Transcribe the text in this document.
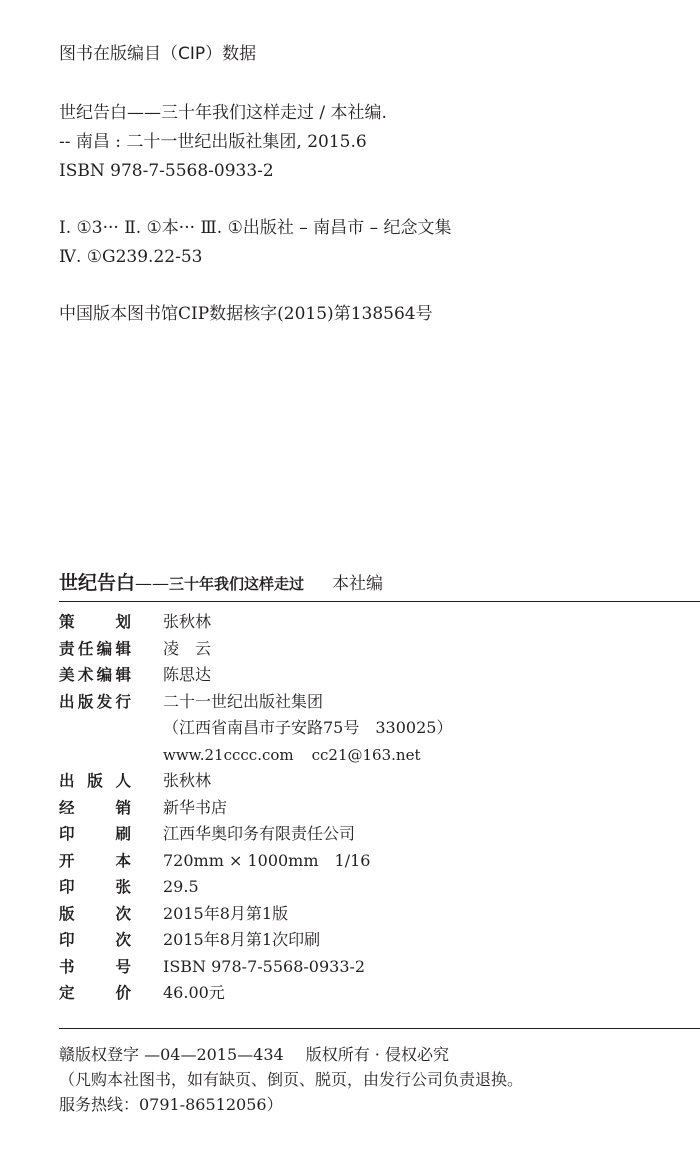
图书在版编目（CIP）数据
世纪告白——三十年我们这样走过 / 本社编.
-- 南昌 : 二十一世纪出版社集团, 2015.6
ISBN 978-7-5568-0933-2
Ⅰ. ①3··· Ⅱ. ①本··· Ⅲ. ①出版社 – 南昌市 – 纪念文集
Ⅳ. ①G239.22-53
中国版本图书馆CIP数据核字(2015)第138564号
世纪告白——三十年我们这样走过 本社编
策	划 张秋林
责 任 编 辑 凌　云
美 术 编 辑 陈思达
出 版 发 行 二十一世纪出版社集团
（江西省南昌市子安路75号　330025）
www.21cccc.com cc21@163.net
出 版 人 张秋林
经	销 新华书店
印	刷 江西华奥印务有限责任公司
开	本 720mm × 1000mm　1/16
印	张 29.5
版	次 2015年8月第1版
印	次 2015年8月第1次印刷
书	号 ISBN 978-7-5568-0933-2
定	价 46.00元
赣版权登字 —04—2015—434 版权所有 · 侵权必究
（凡购本社图书，如有缺页、倒页、脱页，由发行公司负责退换。
服务热线：0791-86512056）
